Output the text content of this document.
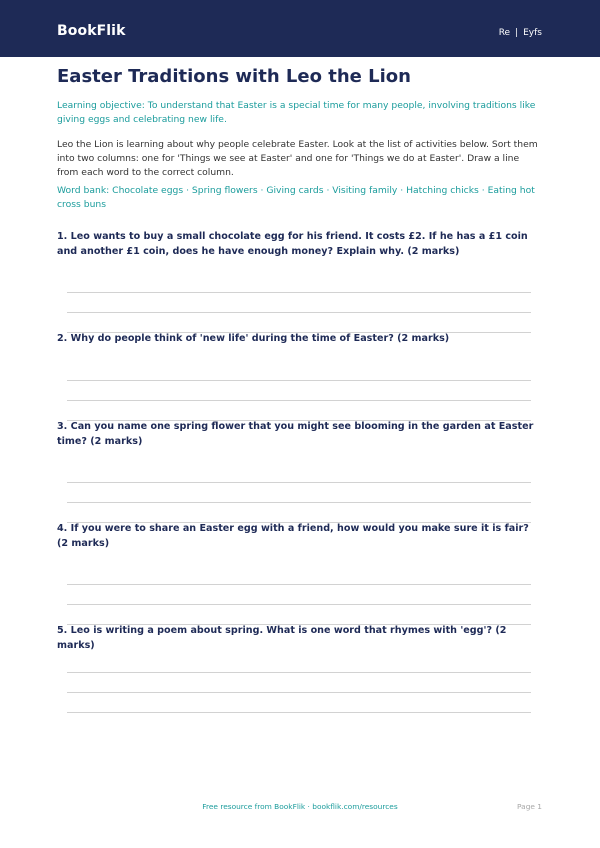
BookFlik	Re | Eyfs
Easter Traditions with Leo the Lion

Learning objective: To understand that Easter is a special time for many people, involving traditions like giving eggs and celebrating new life.

Leo the Lion is learning about why people celebrate Easter. Look at the list of activities below. Sort them into two columns: one for 'Things we see at Easter' and one for 'Things we do at Easter'. Draw a line from each word to the correct column.

Word bank: Chocolate eggs · Spring flowers · Giving cards · Visiting family · Hatching chicks · Eating hot cross buns

1. Leo wants to buy a small chocolate egg for his friend. It costs £2. If he has a £1 coin and another £1 coin, does he have enough money? Explain why. (2 marks)

2. Why do people think of 'new life' during the time of Easter? (2 marks)

3. Can you name one spring flower that you might see blooming in the garden at Easter time? (2 marks)

4. If you were to share an Easter egg with a friend, how would you make sure it is fair? (2 marks)

5. Leo is writing a poem about spring. What is one word that rhymes with 'egg'? (2 marks)

Free resource from BookFlik · bookflik.com/resources	Page 1
